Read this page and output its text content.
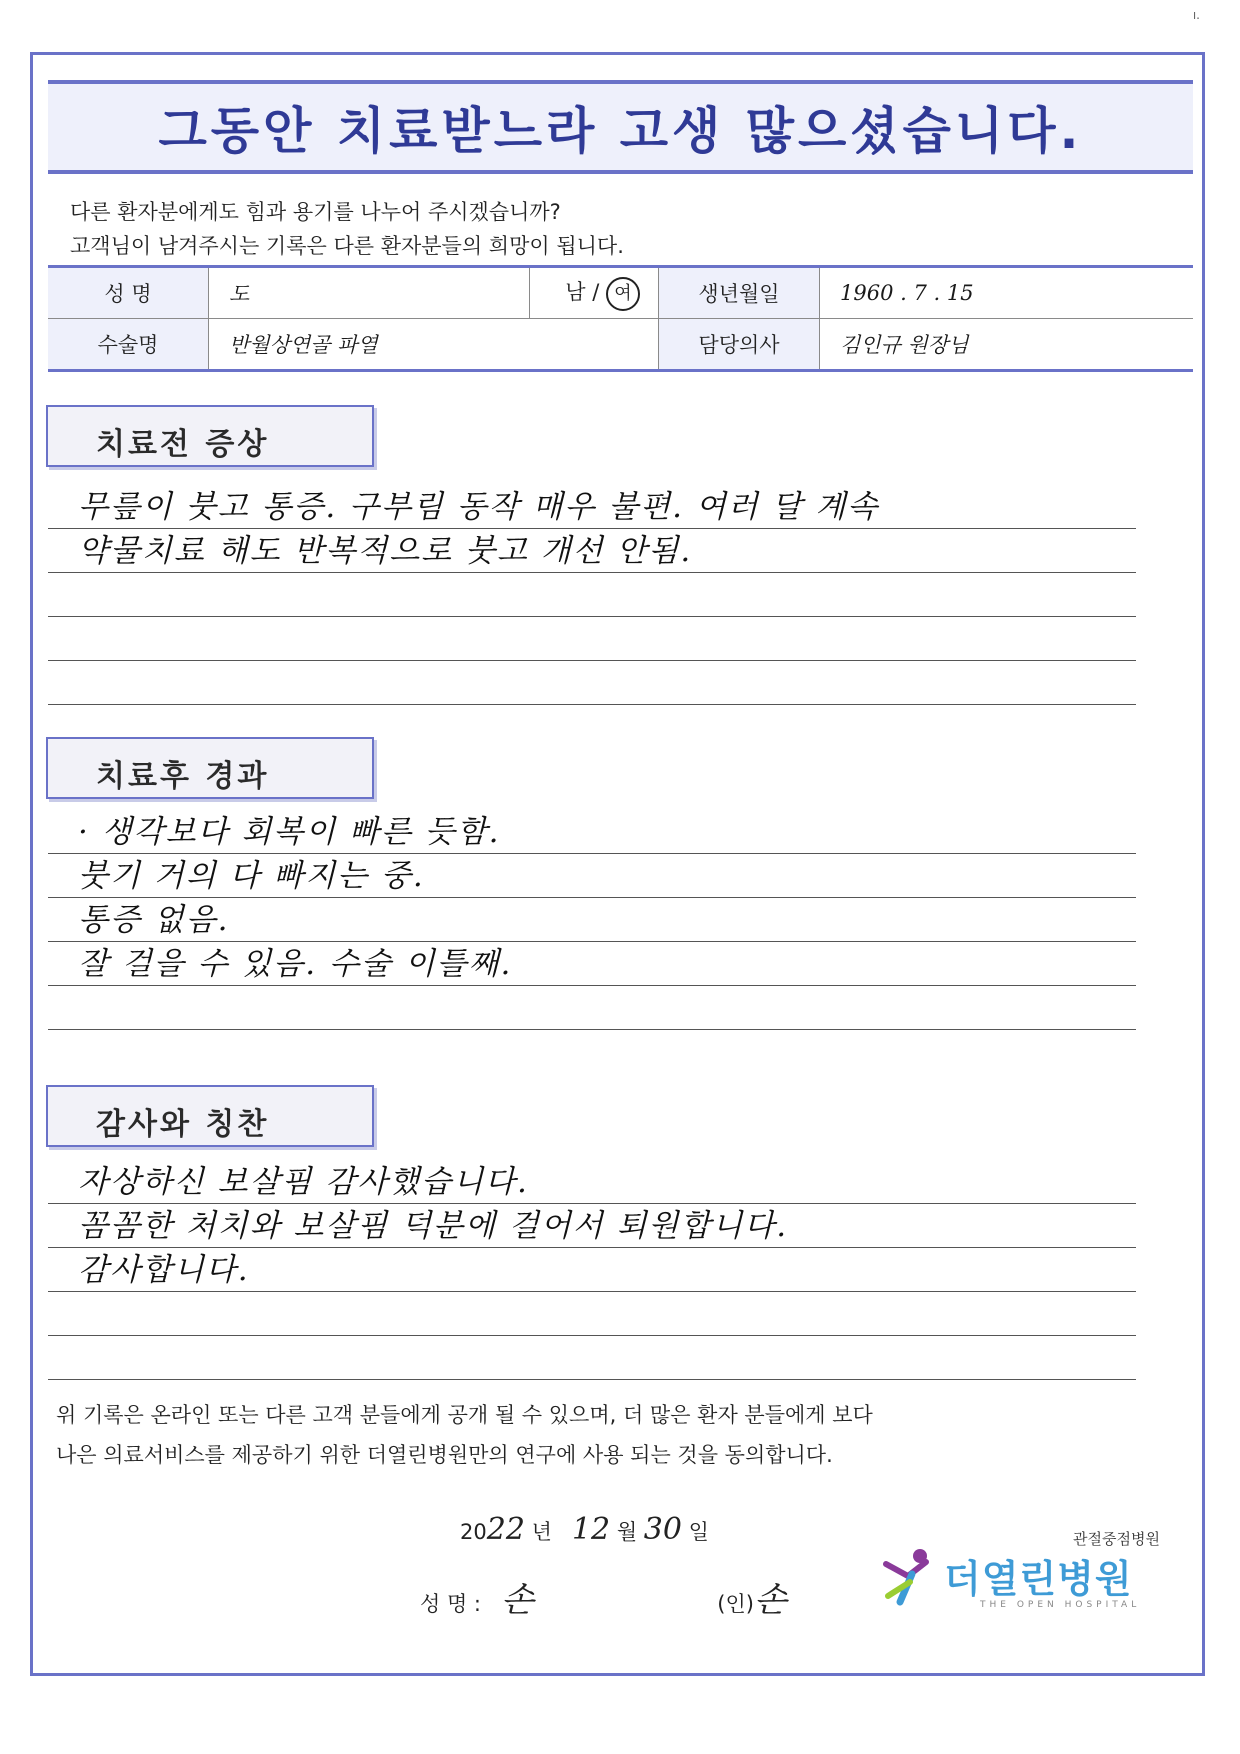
ı.
그동안 치료받느라 고생 많으셨습니다.
다른 환자분에게도 힘과 용기를 나누어 주시겠습니까?
고객님이 남겨주시는 기록은 다른 환자분들의 희망이 됩니다.
성 명	도	남 / 여	생년월일	1960 . 7 . 15
수술명	반월상연골 파열		담당의사	김인규 원장님
치료전 증상
무릎이 붓고 통증. 구부림 동작 매우 불편. 여러 달 계속
약물치료 해도 반복적으로 붓고 개선 안됨.
치료후 경과
· 생각보다 회복이 빠른 듯함.
붓기 거의 다 빠지는 중.
통증 없음.
잘 걸을 수 있음. 수술 이틀째.
감사와 칭찬
자상하신 보살핌 감사했습니다.
꼼꼼한 처치와 보살핌 덕분에 걸어서 퇴원합니다.
감사합니다.
위 기록은 온라인 또는 다른 고객 분들에게 공개 될 수 있으며, 더 많은 환자 분들에게 보다
나은 의료서비스를 제공하기 위한 더열린병원만의 연구에 사용 되는 것을 동의합니다.
2022 년 12 월 30 일
성 명 : 손	(인)손
관절중점병원
더열린병원
THE OPEN HOSPITAL
